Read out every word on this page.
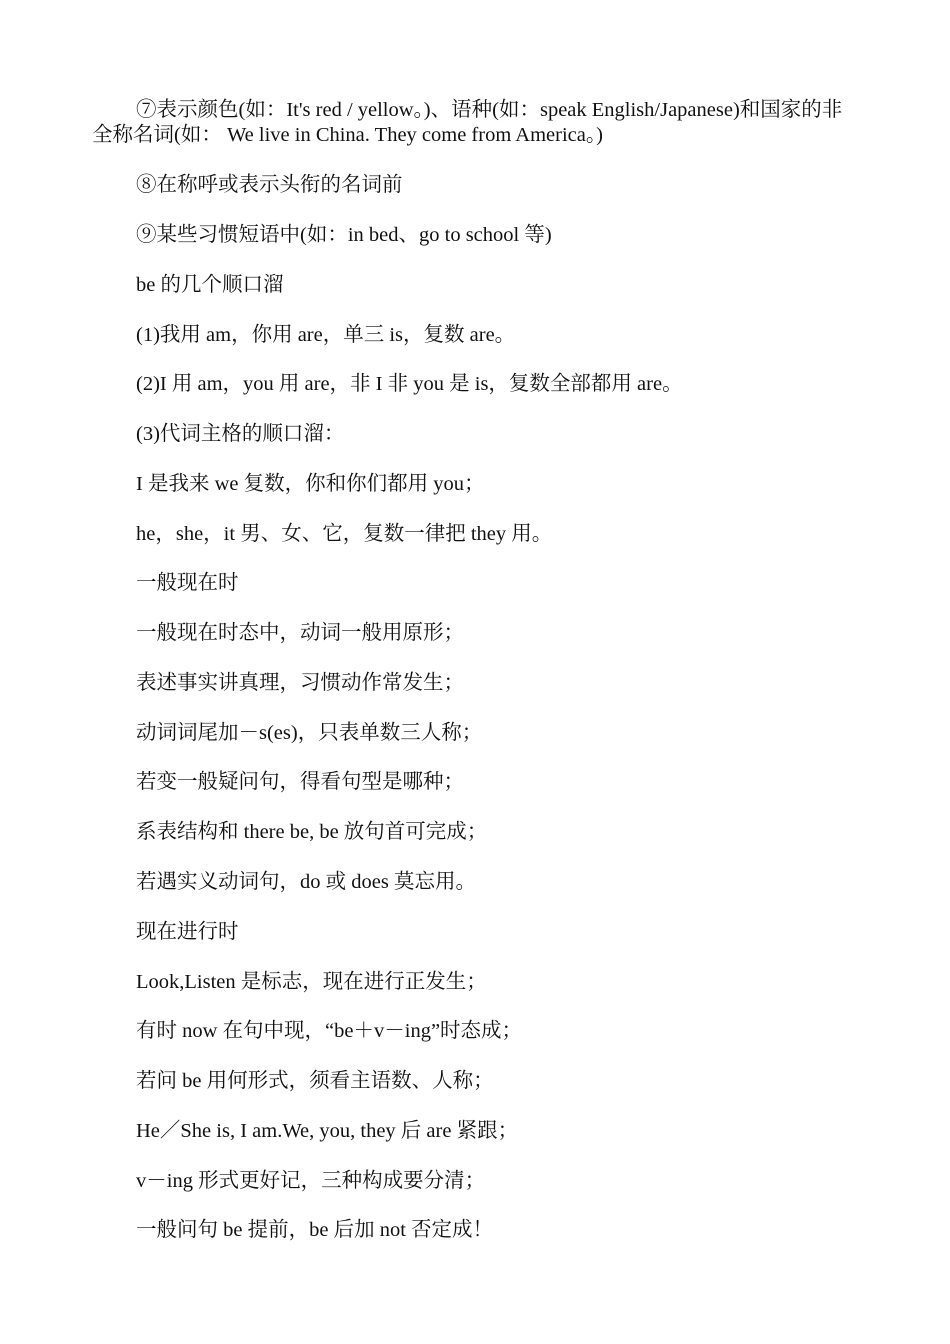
⑦表示颜色(如：It's red / yellow。)、语种(如：speak English/Japanese)和国家的非全称名词(如： We live in China. They come from America。)

⑧在称呼或表示头衔的名词前

⑨某些习惯短语中(如：in bed、go to school 等)

be 的几个顺口溜

(1)我用 am，你用 are，单三 is，复数 are。

(2)I 用 am，you 用 are，非 I 非 you 是 is，复数全部都用 are。

(3)代词主格的顺口溜：

I 是我来 we 复数，你和你们都用 you；

he，she，it 男、女、它，复数一律把 they 用。

一般现在时

一般现在时态中，动词一般用原形；

表述事实讲真理，习惯动作常发生；

动词词尾加－s(es)，只表单数三人称；

若变一般疑问句，得看句型是哪种；

系表结构和 there be, be 放句首可完成；

若遇实义动词句，do 或 does 莫忘用。

现在进行时

Look,Listen 是标志，现在进行正发生；

有时 now 在句中现，“be＋v－ing”时态成；

若问 be 用何形式，须看主语数、人称；

He／She is, I am.We, you, they 后 are 紧跟；

v－ing 形式更好记，三种构成要分清；

一般问句 be 提前，be 后加 not 否定成！
